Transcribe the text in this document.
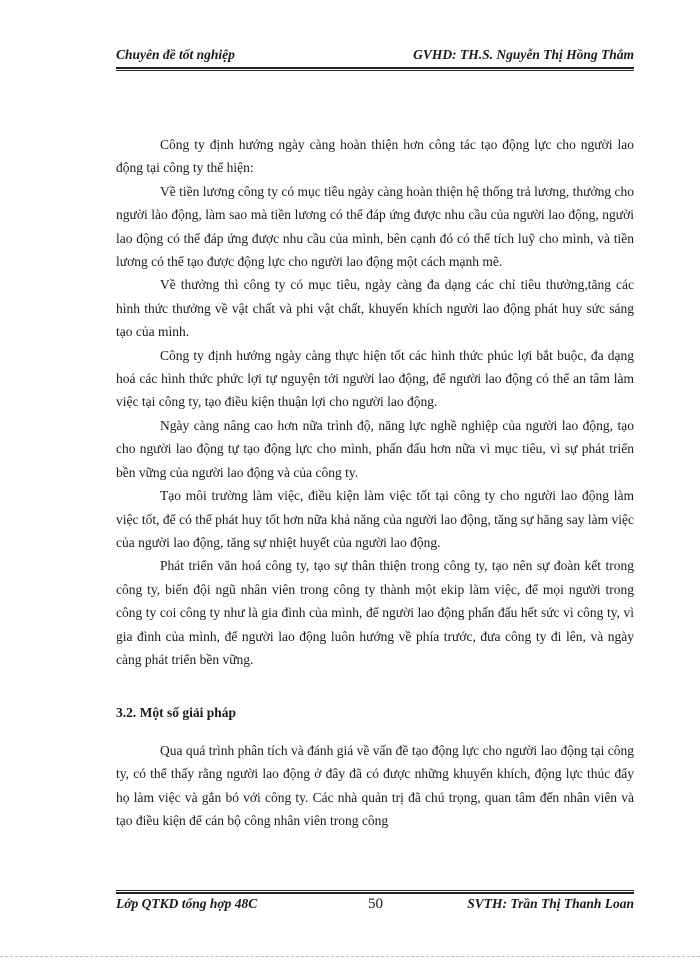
Chuyên đề tốt nghiệp	GVHD: TH.S. Nguyễn Thị Hồng Thắm

Công ty định hướng ngày càng hoàn thiện hơn công tác tạo động lực cho người lao động tại công ty thể hiện:

Về tiền lương công ty có mục tiêu ngày càng hoàn thiện hệ thống trả lương, thưởng cho người lào động, làm sao mà tiền lương có thể đáp ứng được nhu cầu của người lao động, người lao động có thể đáp ứng được nhu cầu của mình, bên cạnh đó có thể tích luỹ cho mình, và tiền lương có thể tạo được động lực cho người lao động một cách mạnh mẽ.

Về thưởng thì công ty có mục tiêu, ngày càng đa dạng các chỉ tiêu thưởng,tăng các hình thức thưởng về vật chất và phi vật chất, khuyến khích người lao động phát huy sức sáng tạo của mình.

Công ty định hướng ngày càng thực hiện tốt các hình thức phúc lợi bắt buộc, đa dạng hoá các hình thức phức lợi tự nguyện tới người lao động, để người lao động có thể an tâm làm việc tại công ty, tạo điều kiện thuận lợi cho người lao động.

Ngày càng nâng cao hơn nữa trình độ, năng lực nghề nghiệp của người lao động, tạo cho người lao động tự tạo động lực cho mình, phấn đấu hơn nữa vì mục tiêu, vì sự phát triển bền vững của người lao động và của công ty.

Tạo môi trường làm việc, điều kiện làm việc tốt tại công ty cho người lao động làm việc tốt, để có thể phát huy tốt hơn nữa khả năng của người lao động, tăng sự hăng say làm việc của người lao động, tăng sự nhiệt huyết của người lao động.

Phát triển văn hoá công ty, tạo sự thân thiện trong công ty, tạo nên sự đoàn kết trong công ty, biến đội ngũ nhân viên trong công ty thành một ekip làm việc, để mọi người trong công ty coi công ty như là gia đình của mình, để người lao động phấn đấu hết sức vì công ty, vì gia đình của mình, để người lao động luôn hướng về phía trước, đưa công ty đi lên, và ngày càng phát triển bền vững.

3.2. Một số giải pháp

Qua quá trình phân tích và đánh giá về vấn đề tạo động lực cho người lao động tại công ty, có thể thấy rằng người lao động ở đây đã có được những khuyến khích, động lực thúc đẩy họ làm việc và gắn bó với công ty. Các nhà quản trị đã chú trọng, quan tâm đến nhân viên và tạo điều kiện để cán bộ công nhân viên trong công

Lớp QTKD tổng hợp 48C	50	SVTH: Trần Thị Thanh Loan
